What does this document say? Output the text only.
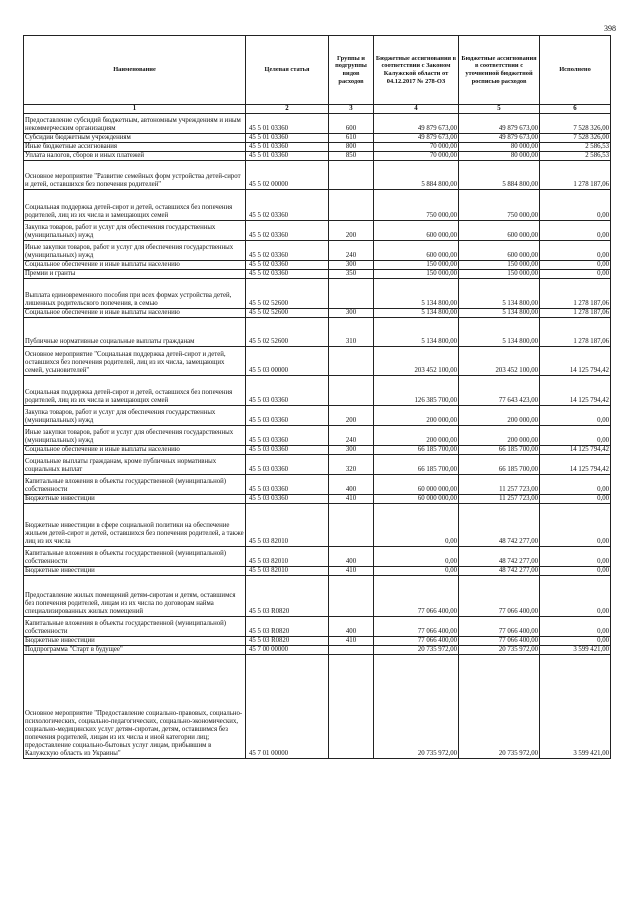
398
Наименование	Целевая статья	Группы и подгруппы видов расходов	Бюджетные ассигнования в соответствии с Законом Калужской области от 04.12.2017 № 278-ОЗ	Бюджетные ассигнования в соответствии с уточненной бюджетной росписью расходов	Исполнено
1	2	3	4	5	6
Предоставление субсидий бюджетным, автономным учреждениям и иным некоммерческим организациям	45 5 01 03360	600	49 879 673,00	49 879 673,00	7 528 326,00
Субсидии бюджетным учреждениям	45 5 01 03360	610	49 879 673,00	49 879 673,00	7 528 326,00
Иные бюджетные ассигнования	45 5 01 03360	800	70 000,00	80 000,00	2 586,53
Уплата налогов, сборов и иных платежей	45 5 01 03360	850	70 000,00	80 000,00	2 586,53
Основное мероприятие "Развитие семейных форм устройства детей-сирот и детей, оставшихся без попечения родителей"	45 5 02 00000		5 884 800,00	5 884 800,00	1 278 187,06
Социальная поддержка детей-сирот и детей, оставшихся без попечения родителей, лиц из их числа и замещающих семей	45 5 02 03360		750 000,00	750 000,00	0,00
Закупка товаров, работ и услуг для обеспечения государственных (муниципальных) нужд	45 5 02 03360	200	600 000,00	600 000,00	0,00
Иные закупки товаров, работ и услуг для обеспечения государственных (муниципальных) нужд	45 5 02 03360	240	600 000,00	600 000,00	0,00
Социальное обеспечение и иные выплаты населению	45 5 02 03360	300	150 000,00	150 000,00	0,00
Премии и гранты	45 5 02 03360	350	150 000,00	150 000,00	0,00
Выплата единовременного пособия при всех формах устройства детей, лишенных родительского попечения, в семью	45 5 02 52600		5 134 800,00	5 134 800,00	1 278 187,06
Социальное обеспечение и иные выплаты населению	45 5 02 52600	300	5 134 800,00	5 134 800,00	1 278 187,06
Публичные нормативные социальные выплаты гражданам	45 5 02 52600	310	5 134 800,00	5 134 800,00	1 278 187,06
Основное мероприятие "Социальная поддержка детей-сирот и детей, оставшихся без попечения родителей, лиц из их числа, замещающих семей, усыновителей"	45 5 03 00000		203 452 100,00	203 452 100,00	14 125 794,42
Социальная поддержка детей-сирот и детей, оставшихся без попечения родителей, лиц из их числа и замещающих семей	45 5 03 03360		126 385 700,00	77 643 423,00	14 125 794,42
Закупка товаров, работ и услуг для обеспечения государственных (муниципальных) нужд	45 5 03 03360	200	200 000,00	200 000,00	0,00
Иные закупки товаров, работ и услуг для обеспечения государственных (муниципальных) нужд	45 5 03 03360	240	200 000,00	200 000,00	0,00
Социальное обеспечение и иные выплаты населению	45 5 03 03360	300	66 185 700,00	66 185 700,00	14 125 794,42
Социальные выплаты гражданам, кроме публичных нормативных социальных выплат	45 5 03 03360	320	66 185 700,00	66 185 700,00	14 125 794,42
Капитальные вложения в объекты государственной (муниципальной) собственности	45 5 03 03360	400	60 000 000,00	11 257 723,00	0,00
Бюджетные инвестиции	45 5 03 03360	410	60 000 000,00	11 257 723,00	0,00
Бюджетные инвестиции в сфере социальной политики на обеспечение жильем детей-сирот и детей, оставшихся без попечения родителей, а также лиц из их числа	45 5 03 82010		0,00	48 742 277,00	0,00
Капитальные вложения в объекты государственной (муниципальной) собственности	45 5 03 82010	400	0,00	48 742 277,00	0,00
Бюджетные инвестиции	45 5 03 82010	410	0,00	48 742 277,00	0,00
Предоставление жилых помещений детям-сиротам и детям, оставшимся без попечения родителей, лицам из их числа по договорам найма специализированных жилых помещений	45 5 03 R0820		77 066 400,00	77 066 400,00	0,00
Капитальные вложения в объекты государственной (муниципальной) собственности	45 5 03 R0820	400	77 066 400,00	77 066 400,00	0,00
Бюджетные инвестиции	45 5 03 R0820	410	77 066 400,00	77 066 400,00	0,00
Подпрограмма "Старт в будущее"	45 7 00 00000		20 735 972,00	20 735 972,00	3 599 421,00
Основное мероприятие "Предоставление социально-правовых, социально-психологических, социально-педагогических, социально-экономических, социально-медицинских услуг детям-сиротам, детям, оставшимся без попечения родителей, лицам из их числа и иной категории лиц; предоставление социально-бытовых услуг лицам, прибывшим в Калужскую область из Украины"	45 7 01 00000		20 735 972,00	20 735 972,00	3 599 421,00
